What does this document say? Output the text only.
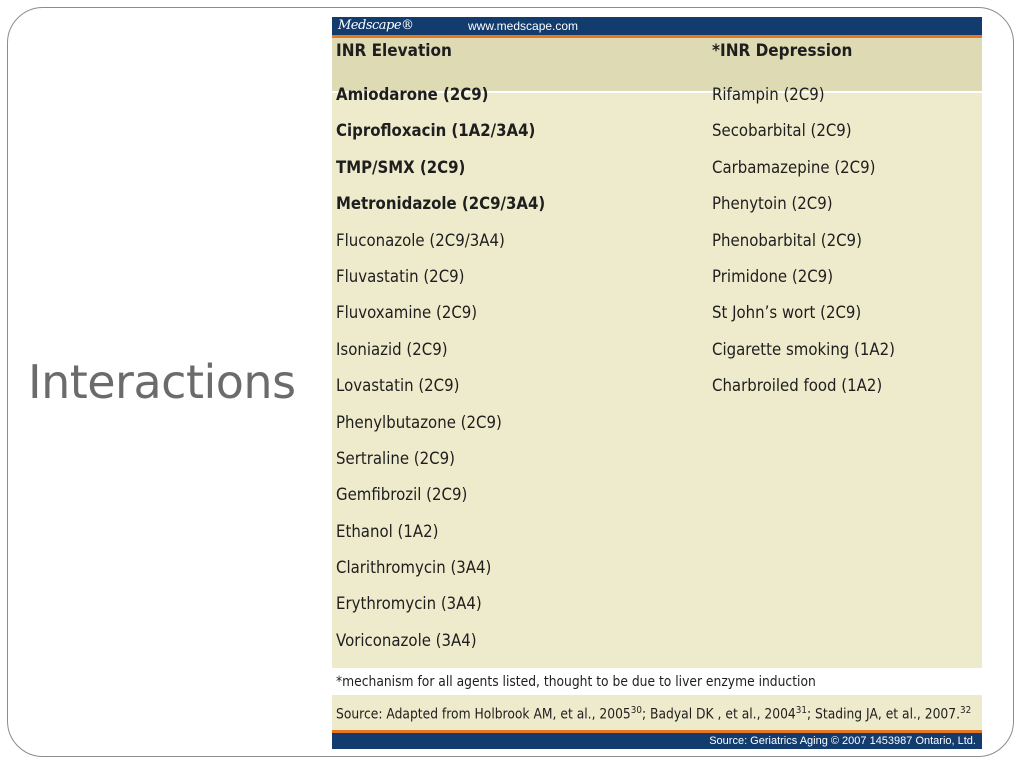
Interactions
Medscape®	www.medscape.com
INR Elevation	*INR Depression
Amiodarone (2C9)
Ciprofloxacin (1A2/3A4)
TMP/SMX (2C9)
Metronidazole (2C9/3A4)
Fluconazole (2C9/3A4)
Fluvastatin (2C9)
Fluvoxamine (2C9)
Isoniazid (2C9)
Lovastatin (2C9)
Phenylbutazone (2C9)
Sertraline (2C9)
Gemfibrozil (2C9)
Ethanol (1A2)
Clarithromycin (3A4)
Erythromycin (3A4)
Voriconazole (3A4)
Rifampin (2C9)
Secobarbital (2C9)
Carbamazepine (2C9)
Phenytoin (2C9)
Phenobarbital (2C9)
Primidone (2C9)
St John’s wort (2C9)
Cigarette smoking (1A2)
Charbroiled food (1A2)
*mechanism for all agents listed, thought to be due to liver enzyme induction
Source: Adapted from Holbrook AM, et al., 2005$^{30}$; Badyal DK , et al., 2004$^{31}$; Stading JA, et al., 2007.32
Source: Geriatrics Aging © 2007 1453987 Ontario, Ltd.
